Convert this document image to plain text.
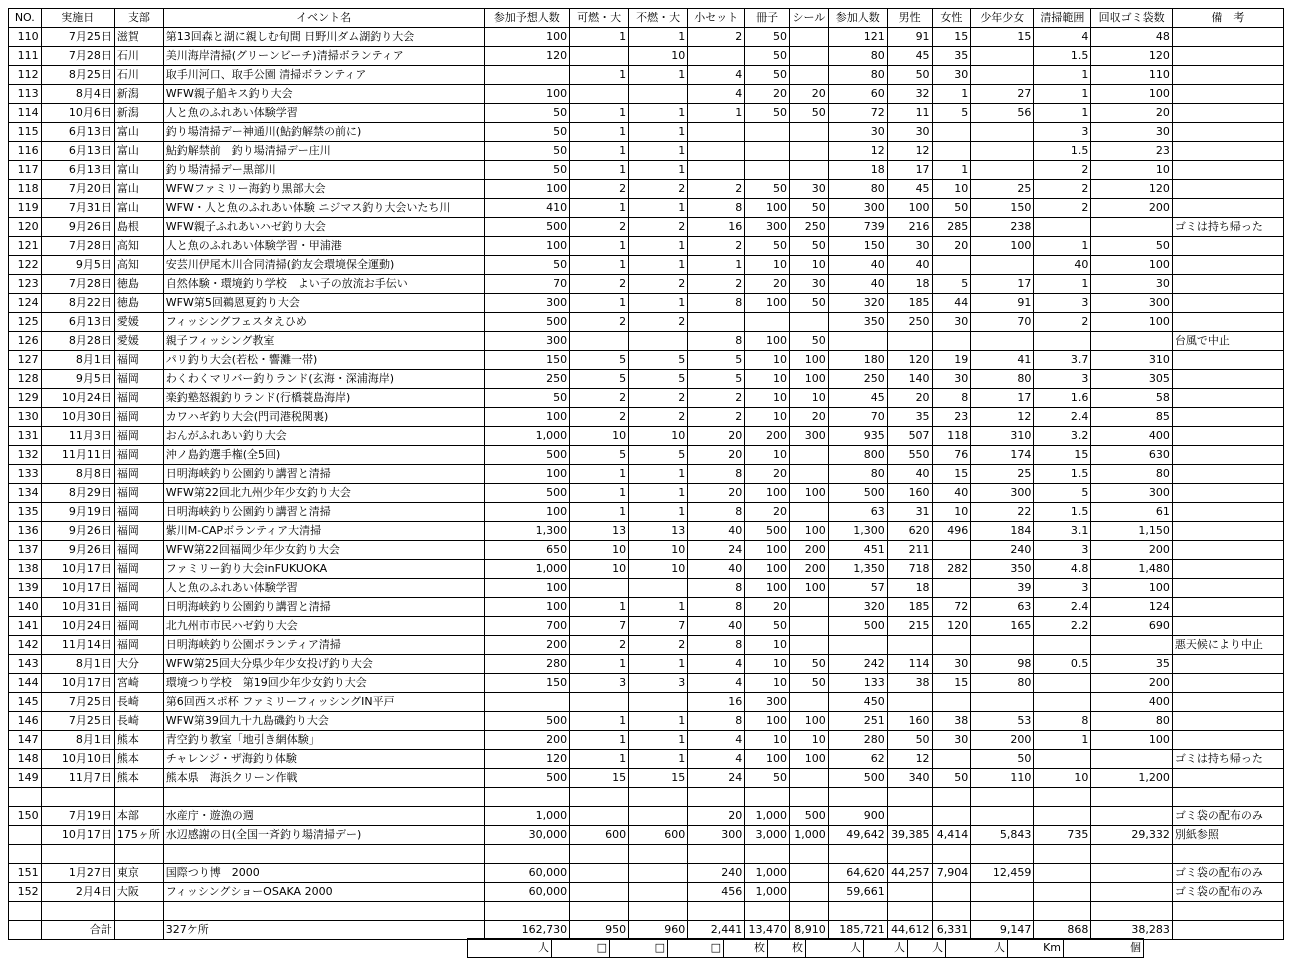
NO.	実施日	支部	イベント名	参加予想人数	可燃・大	不燃・大	小セット	冊子	シール	参加人数	男性	女性	少年少女	清掃範囲	回収ゴミ袋数	備　考
110	7月25日	滋賀	第13回森と湖に親しむ旬間 日野川ダム湖釣り大会	100	1	1	2	50		121	91	15	15	4	48	
111	7月28日	石川	美川海岸清掃(グリーンビーチ)清掃ボランティア	120		10		50		80	45	35		1.5	120	
112	8月25日	石川	取手川河口、取手公園 清掃ボランティア		1	1	4	50		80	50	30		1	110	
113	8月4日	新潟	WFW親子船キス釣り大会	100			4	20	20	60	32	1	27	1	100	
114	10月6日	新潟	人と魚のふれあい体験学習	50	1	1	1	50	50	72	11	5	56	1	20	
115	6月13日	富山	釣り場清掃デー神通川(鮎釣解禁の前に)	50	1	1				30	30			3	30	
116	6月13日	富山	鮎釣解禁前　釣り場清掃デー庄川	50	1	1				12	12			1.5	23	
117	6月13日	富山	釣り場清掃デー黒部川	50	1	1				18	17	1		2	10	
118	7月20日	富山	WFWファミリー海釣り黒部大会	100	2	2	2	50	30	80	45	10	25	2	120	
119	7月31日	富山	WFW・人と魚のふれあい体験 ニジマス釣り大会いたち川	410	1	1	8	100	50	300	100	50	150	2	200	
120	9月26日	島根	WFW親子ふれあいハゼ釣り大会	500	2	2	16	300	250	739	216	285	238			ゴミは持ち帰った
121	7月28日	高知	人と魚のふれあい体験学習・甲浦港	100	1	1	2	50	50	150	30	20	100	1	50	
122	9月5日	高知	安芸川伊尾木川合同清掃(釣友会環境保全運動)	50	1	1	1	10	10	40	40			40	100	
123	7月28日	徳島	自然体験・環境釣り学校　よい子の放流お手伝い	70	2	2	2	20	30	40	18	5	17	1	30	
124	8月22日	徳島	WFW第5回鵜恩夏釣り大会	300	1	1	8	100	50	320	185	44	91	3	300	
125	6月13日	愛媛	フィッシングフェスタえひめ	500	2	2				350	250	30	70	2	100	
126	8月28日	愛媛	親子フィッシング教室	300			8	100	50							台風で中止
127	8月1日	福岡	パリ釣り大会(若松・響灘一帯)	150	5	5	5	10	100	180	120	19	41	3.7	310	
128	9月5日	福岡	わくわくマリバー釣りランド(玄海・深浦海岸)	250	5	5	5	10	100	250	140	30	80	3	305	
129	10月24日	福岡	楽釣塾怒親釣りランド(行橋蓑島海岸)	50	2	2	2	10	10	45	20	8	17	1.6	58	
130	10月30日	福岡	カワハギ釣り大会(門司港税関裏)	100	2	2	2	10	20	70	35	23	12	2.4	85	
131	11月3日	福岡	おんがふれあい釣り大会	1,000	10	10	20	200	300	935	507	118	310	3.2	400	
132	11月11日	福岡	沖ノ島釣選手権(全5回)	500	5	5	20	10		800	550	76	174	15	630	
133	8月8日	福岡	日明海峡釣り公園釣り講習と清掃	100	1	1	8	20		80	40	15	25	1.5	80	
134	8月29日	福岡	WFW第22回北九州少年少女釣り大会	500	1	1	20	100	100	500	160	40	300	5	300	
135	9月19日	福岡	日明海峡釣り公園釣り講習と清掃	100	1	1	8	20		63	31	10	22	1.5	61	
136	9月26日	福岡	紫川M-CAPボランティア大清掃	1,300	13	13	40	500	100	1,300	620	496	184	3.1	1,150	
137	9月26日	福岡	WFW第22回福岡少年少女釣り大会	650	10	10	24	100	200	451	211		240	3	200	
138	10月17日	福岡	ファミリー釣り大会inFUKUOKA	1,000	10	10	40	100	200	1,350	718	282	350	4.8	1,480	
139	10月17日	福岡	人と魚のふれあい体験学習	100			8	100	100	57	18		39	3	100	
140	10月31日	福岡	日明海峡釣り公園釣り講習と清掃	100	1	1	8	20		320	185	72	63	2.4	124	
141	10月24日	福岡	北九州市市民ハゼ釣り大会	700	7	7	40	50		500	215	120	165	2.2	690	
142	11月14日	福岡	日明海峡釣り公園ボランティア清掃	200	2	2	8	10								悪天候により中止
143	8月1日	大分	WFW第25回大分県少年少女投げ釣り大会	280	1	1	4	10	50	242	114	30	98	0.5	35	
144	10月17日	宮崎	環境つり学校　第19回少年少女釣り大会	150	3	3	4	10	50	133	38	15	80		200	
145	7月25日	長崎	第6回西スポ杯 ファミリーフィッシングIN平戸				16	300		450					400	
146	7月25日	長崎	WFW第39回九十九島磯釣り大会	500	1	1	8	100	100	251	160	38	53	8	80	
147	8月1日	熊本	青空釣り教室「地引き網体験」	200	1	1	4	10	10	280	50	30	200	1	100	
148	10月10日	熊本	チャレンジ・ザ海釣り体験	120	1	1	4	100	100	62	12		50			ゴミは持ち帰った
149	11月7日	熊本	熊本県　海浜クリーン作戦	500	15	15	24	50		500	340	50	110	10	1,200	

150	7月19日	本部	水産庁・遊漁の週	1,000			20	1,000	500	900						ゴミ袋の配布のみ
	10月17日	175ヶ所	水辺感謝の日(全国一斉釣り場清掃デー)	30,000	600	600	300	3,000	1,000	49,642	39,385	4,414	5,843	735	29,332	別紙参照

151	1月27日	東京	国際つり博　2000	60,000			240	1,000		64,620	44,257	7,904	12,459			ゴミ袋の配布のみ
152	2月4日	大阪	フィッシングショーOSAKA 2000	60,000			456	1,000		59,661						ゴミ袋の配布のみ

	合計		327ケ所	162,730	950	960	2,441	13,470	8,910	185,721	44,612	6,331	9,147	868	38,283	
人	□	□	□	枚	枚	人	人	人	人	Km	個
